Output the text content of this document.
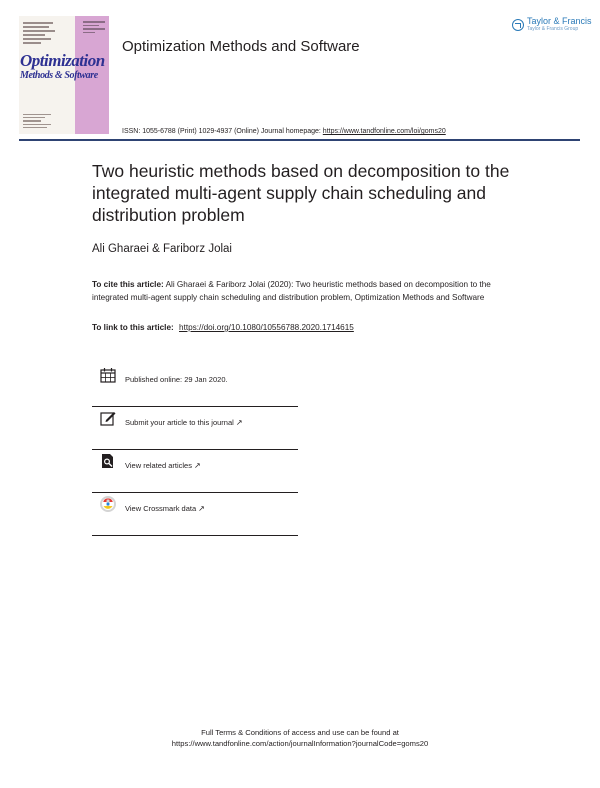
Optimization
Methods & Software
Taylor & Francis
Taylor & Francis Group
Optimization Methods and Software
ISSN: 1055-6788 (Print) 1029-4937 (Online) Journal homepage: https://www.tandfonline.com/loi/goms20
Two heuristic methods based on decomposition to the integrated multi-agent supply chain scheduling and distribution problem
Ali Gharaei & Fariborz Jolai
To cite this article: Ali Gharaei & Fariborz Jolai (2020): Two heuristic methods based on decomposition to the integrated multi-agent supply chain scheduling and distribution problem, Optimization Methods and Software
To link to this article: https://doi.org/10.1080/10556788.2020.1714615
Published online: 29 Jan 2020.
Submit your article to this journal ↗
View related articles ↗
View Crossmark data ↗
Full Terms & Conditions of access and use can be found at
https://www.tandfonline.com/action/journalInformation?journalCode=goms20
